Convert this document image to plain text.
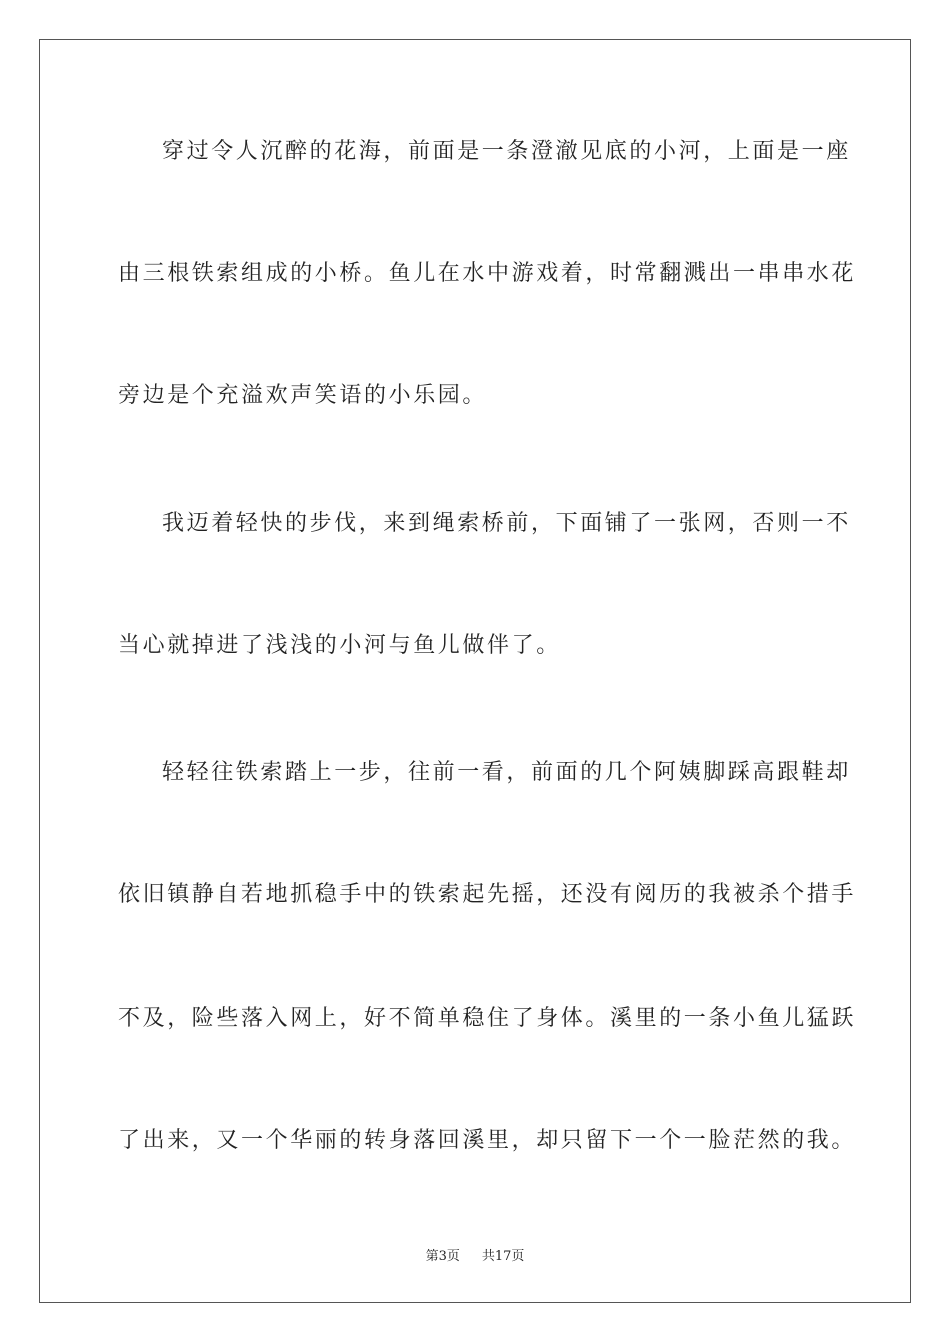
穿过令人沉醉的花海，前面是一条澄澈见底的小河，上面是一座
由三根铁索组成的小桥。鱼儿在水中游戏着，时常翻溅出一串串水花
旁边是个充溢欢声笑语的小乐园。
我迈着轻快的步伐，来到绳索桥前，下面铺了一张网，否则一不
当心就掉进了浅浅的小河与鱼儿做伴了。
轻轻往铁索踏上一步，往前一看，前面的几个阿姨脚踩高跟鞋却
依旧镇静自若地抓稳手中的铁索起先摇，还没有阅历的我被杀个措手
不及，险些落入网上，好不简单稳住了身体。溪里的一条小鱼儿猛跃
了出来，又一个华丽的转身落回溪里，却只留下一个一脸茫然的我。
第3页 共17页
